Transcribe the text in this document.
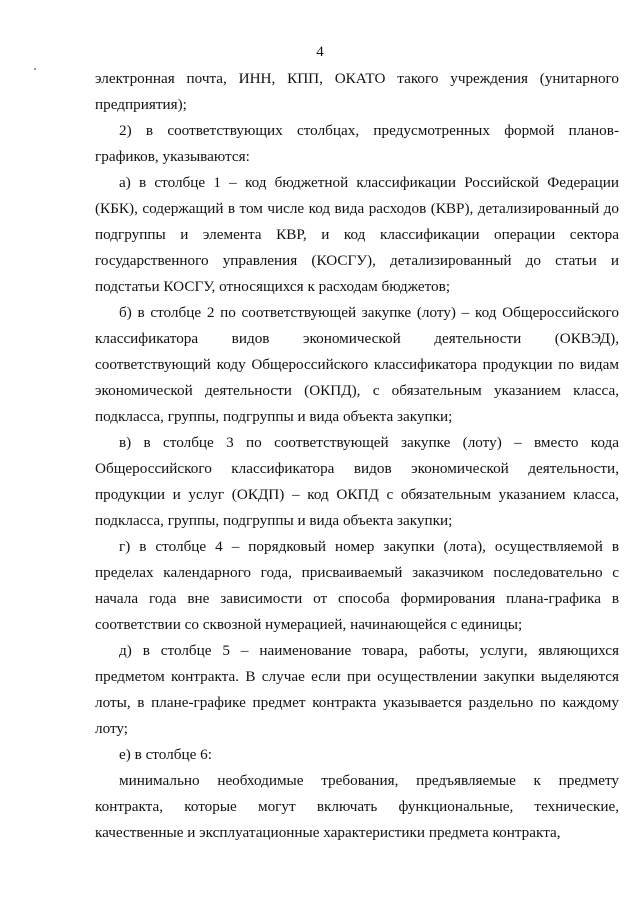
4

электронная почта, ИНН, КПП, ОКАТО такого учреждения (унитарного предприятия);

2) в соответствующих столбцах, предусмотренных формой планов-графиков, указываются:

а) в столбце 1 – код бюджетной классификации Российской Федерации (КБК), содержащий в том числе код вида расходов (КВР), детализированный до подгруппы и элемента КВР, и код классификации операции сектора государственного управления (КОСГУ), детализированный до статьи и подстатьи КОСГУ, относящихся к расходам бюджетов;

б) в столбце 2 по соответствующей закупке (лоту) – код Общероссийского классификатора видов экономической деятельности (ОКВЭД), соответствующий коду Общероссийского классификатора продукции по видам экономической деятельности (ОКПД), с обязательным указанием класса, подкласса, группы, подгруппы и вида объекта закупки;

в) в столбце 3 по соответствующей закупке (лоту) – вместо кода Общероссийского классификатора видов экономической деятельности, продукции и услуг (ОКДП) – код ОКПД с обязательным указанием класса, подкласса, группы, подгруппы и вида объекта закупки;

г) в столбце 4 – порядковый номер закупки (лота), осуществляемой в пределах календарного года, присваиваемый заказчиком последовательно с начала года вне зависимости от способа формирования плана-графика в соответствии со сквозной нумерацией, начинающейся с единицы;

д) в столбце 5 – наименование товара, работы, услуги, являющихся предметом контракта. В случае если при осуществлении закупки выделяются лоты, в плане-графике предмет контракта указывается раздельно по каждому лоту;

е) в столбце 6:

минимально необходимые требования, предъявляемые к предмету контракта, которые могут включать функциональные, технические, качественные и эксплуатационные характеристики предмета контракта,
